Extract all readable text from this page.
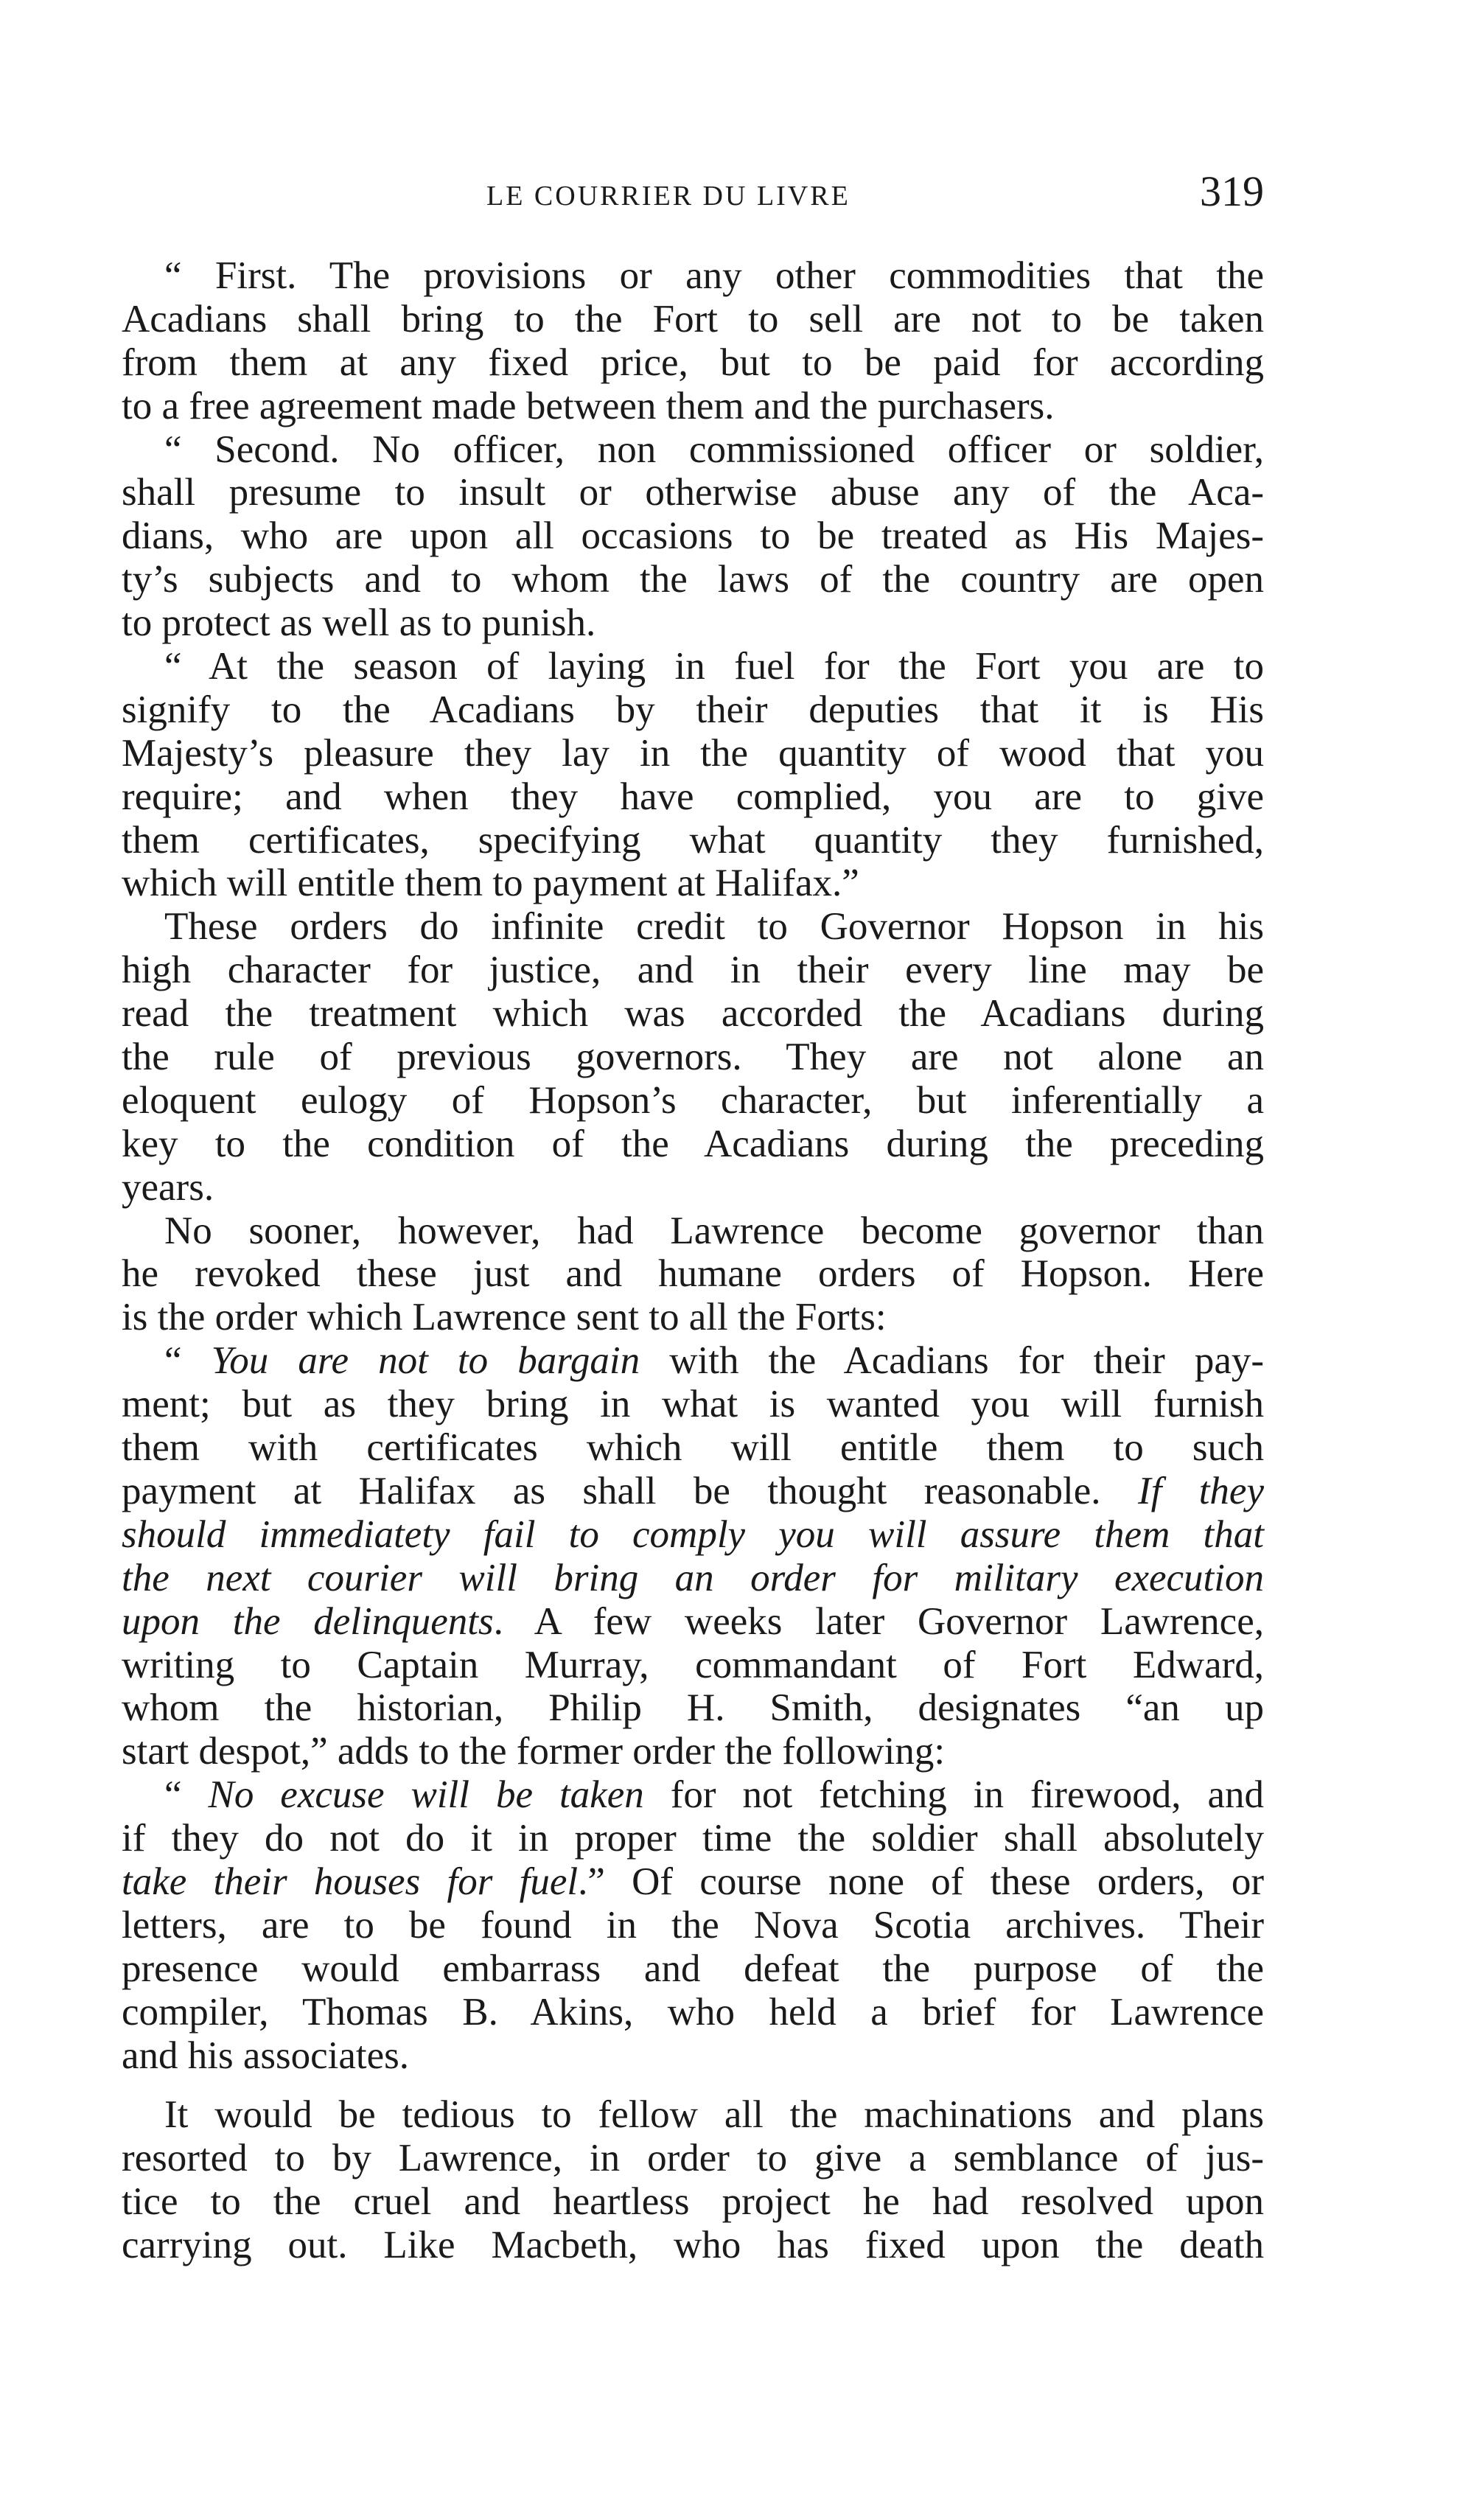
LE COURRIER DU LIVRE	319
“ First. The provisions or any other commodities that the
Acadians shall bring to the Fort to sell are not to be taken
from them at any fixed price, but to be paid for according
to a free agreement made between them and the purchasers.
“ Second. No officer, non commissioned officer or soldier,
shall presume to insult or otherwise abuse any of the Aca-
dians, who are upon all occasions to be treated as His Majes-
ty’s subjects and to whom the laws of the country are open
to protect as well as to punish.
“ At the season of laying in fuel for the Fort you are to
signify to the Acadians by their deputies that it is His
Majesty’s pleasure they lay in the quantity of wood that you
require; and when they have complied, you are to give
them certificates, specifying what quantity they furnished,
which will entitle them to payment at Halifax.”
These orders do infinite credit to Governor Hopson in his
high character for justice, and in their every line may be
read the treatment which was accorded the Acadians during
the rule of previous governors. They are not alone an
eloquent eulogy of Hopson’s character, but inferentially a
key to the condition of the Acadians during the preceding
years.
No sooner, however, had Lawrence become governor than
he revoked these just and humane orders of Hopson. Here
is the order which Lawrence sent to all the Forts:
“ You are not to bargain with the Acadians for their pay-
ment; but as they bring in what is wanted you will furnish
them with certificates which will entitle them to such
payment at Halifax as shall be thought reasonable. If they
should immediatety fail to comply you will assure them that
the next courier will bring an order for military execution
upon the delinquents. A few weeks later Governor Lawrence,
writing to Captain Murray, commandant of Fort Edward,
whom the historian, Philip H. Smith, designates “an up
start despot,” adds to the former order the following:
“ No excuse will be taken for not fetching in firewood, and
if they do not do it in proper time the soldier shall absolutely
take their houses for fuel.” Of course none of these orders, or
letters, are to be found in the Nova Scotia archives. Their
presence would embarrass and defeat the purpose of the
compiler, Thomas B. Akins, who held a brief for Lawrence
and his associates.
It would be tedious to fellow all the machinations and plans
resorted to by Lawrence, in order to give a semblance of jus-
tice to the cruel and heartless project he had resolved upon
carrying out. Like Macbeth, who has fixed upon the death
